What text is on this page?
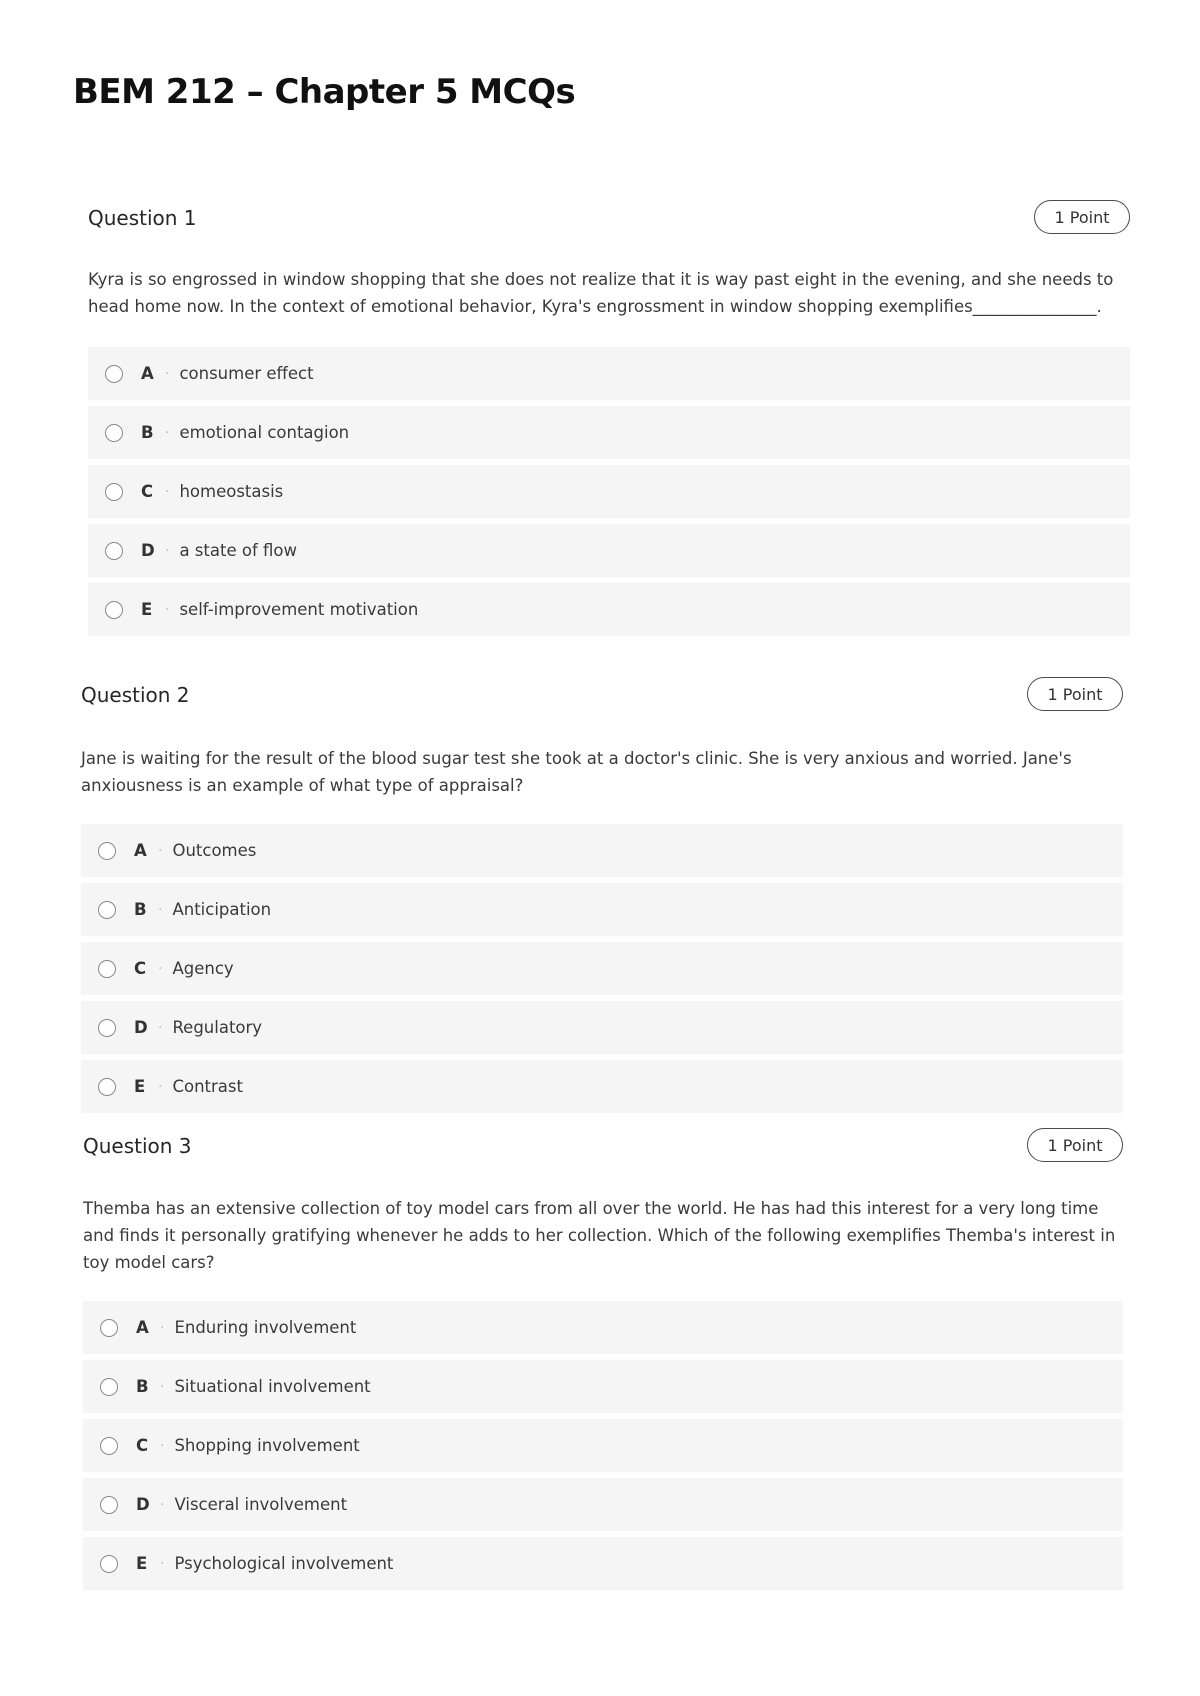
BEM 212 – Chapter 5 MCQs
Question 1	1 Point

Kyra is so engrossed in window shopping that she does not realize that it is way past eight in the evening, and she needs to head home now. In the context of emotional behavior, Kyra's engrossment in window shopping exemplifies_______________.

A · consumer effect
B · emotional contagion
C · homeostasis
D · a state of flow
E · self-improvement motivation
Question 2	1 Point

Jane is waiting for the result of the blood sugar test she took at a doctor's clinic. She is very anxious and worried. Jane's anxiousness is an example of what type of appraisal?

A · Outcomes
B · Anticipation
C · Agency
D · Regulatory
E · Contrast
Question 3	1 Point

Themba has an extensive collection of toy model cars from all over the world. He has had this interest for a very long time and finds it personally gratifying whenever he adds to her collection. Which of the following exemplifies Themba's interest in toy model cars?

A · Enduring involvement
B · Situational involvement
C · Shopping involvement
D · Visceral involvement
E · Psychological involvement
